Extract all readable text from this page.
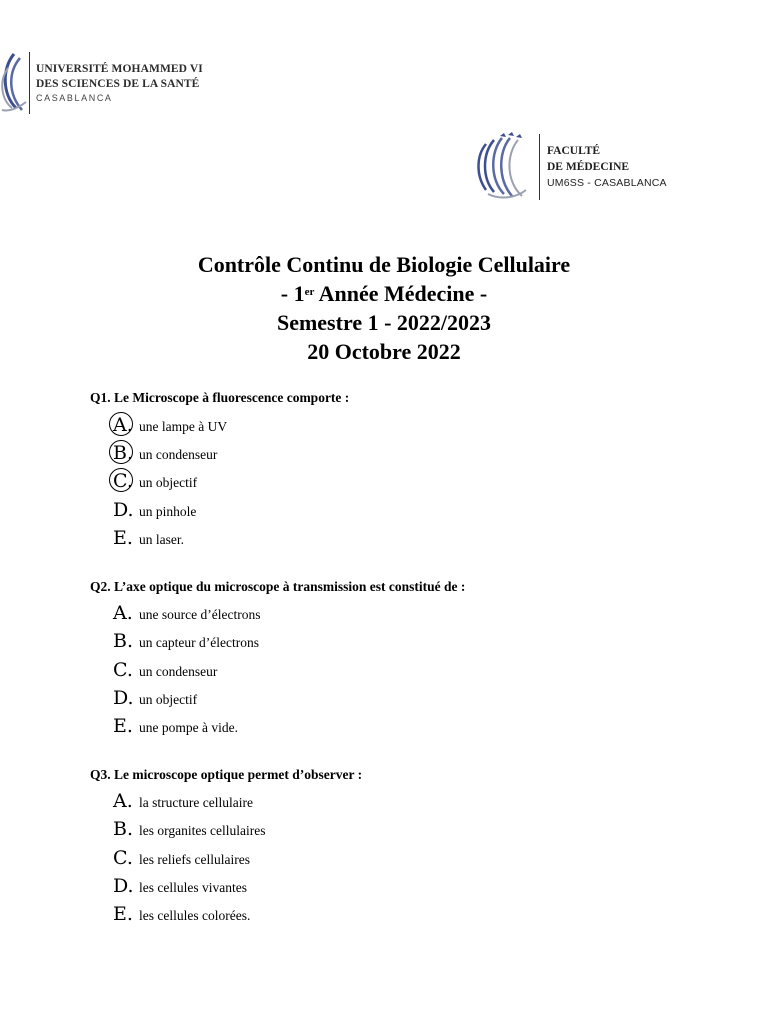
UNIVERSITÉ MOHAMMED VI
DES SCIENCES DE LA SANTÉ
CASABLANCA
FACULTÉ
DE MÉDECINE
UM6SS - CASABLANCA
Contrôle Continu de Biologie Cellulaire
- 1er Année Médecine -
Semestre 1 - 2022/2023
20 Octobre 2022
Q1. Le Microscope à fluorescence comporte :
A. une lampe à UV
B. un condenseur
C. un objectif
D. un pinhole
E. un laser.
Q2. L’axe optique du microscope à transmission est constitué de :
A. une source d’électrons
B. un capteur d’électrons
C. un condenseur
D. un objectif
E. une pompe à vide.
Q3. Le microscope optique permet d’observer :
A. la structure cellulaire
B. les organites cellulaires
C. les reliefs cellulaires
D. les cellules vivantes
E. les cellules colorées.
